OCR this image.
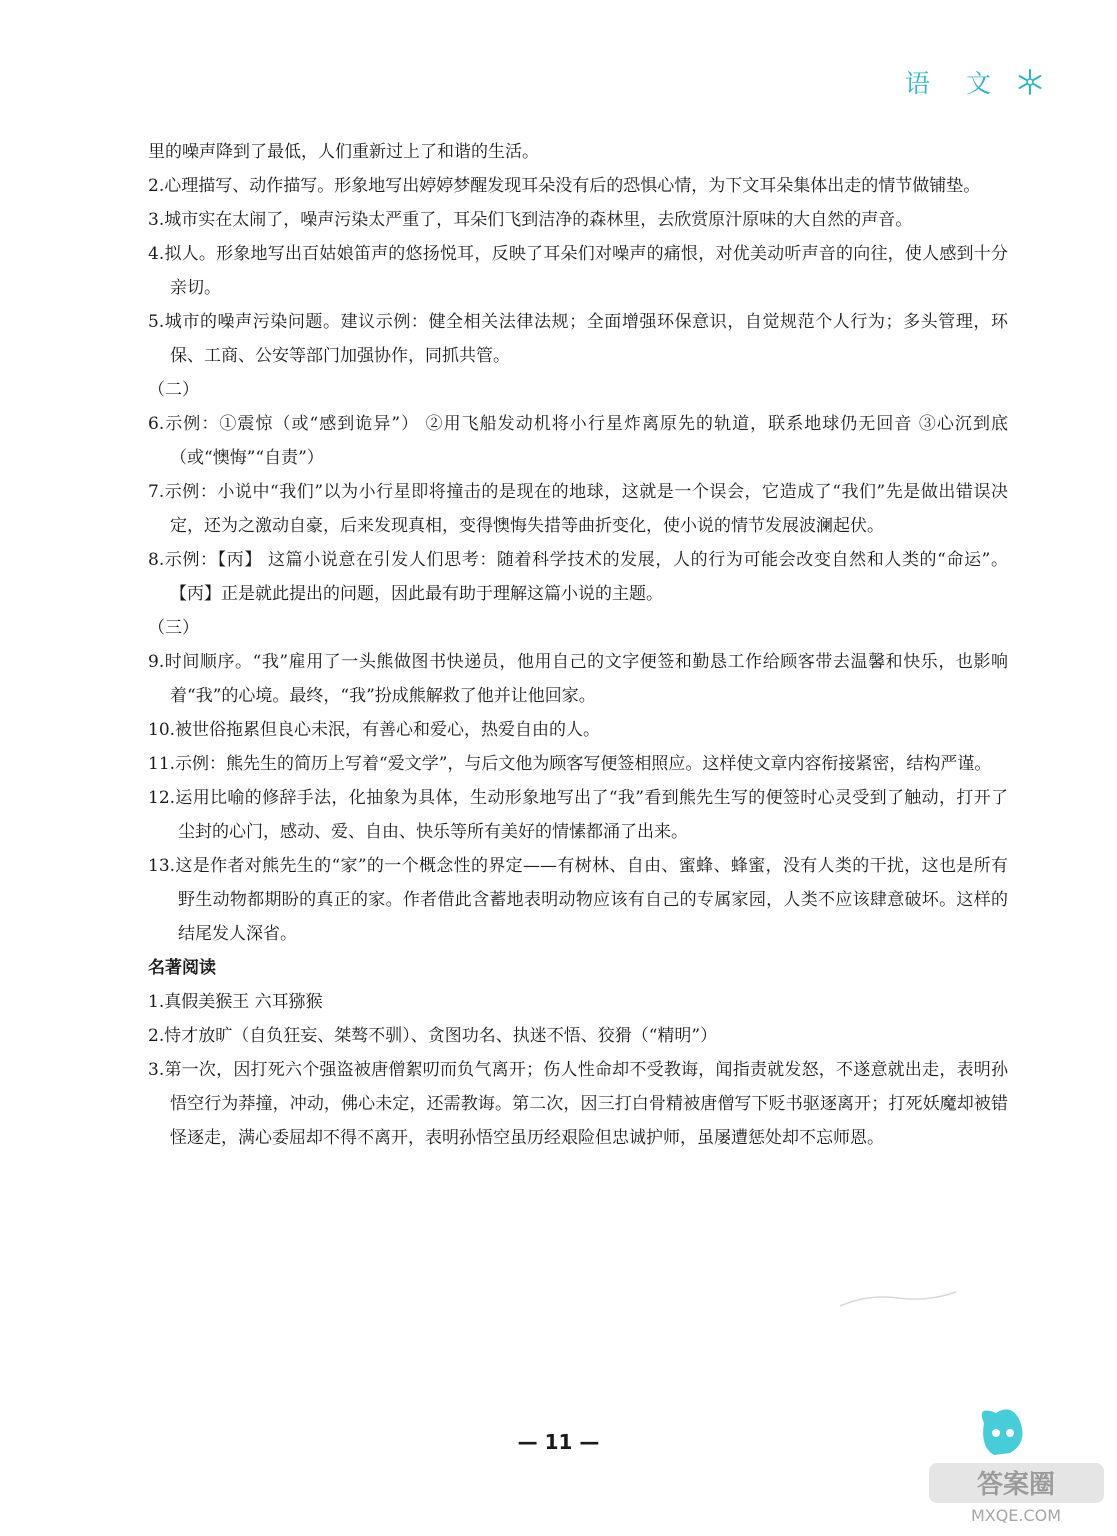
语 文

里的噪声降到了最低，人们重新过上了和谐的生活。

2.心理描写、动作描写。形象地写出婷婷梦醒发现耳朵没有后的恐惧心情，为下文耳朵集体出走的情节做铺垫。

3.城市实在太闹了，噪声污染太严重了，耳朵们飞到洁净的森林里，去欣赏原汁原味的大自然的声音。

4.拟人。形象地写出百姑娘笛声的悠扬悦耳，反映了耳朵们对噪声的痛恨，对优美动听声音的向往，使人感到十分亲切。

5.城市的噪声污染问题。建议示例：健全相关法律法规；全面增强环保意识，自觉规范个人行为；多头管理，环保、工商、公安等部门加强协作，同抓共管。

（二）

6.示例：①震惊（或“感到诡异”） ②用飞船发动机将小行星炸离原先的轨道，联系地球仍无回音 ③心沉到底（或“懊悔”“自责”）

7.示例：小说中“我们”以为小行星即将撞击的是现在的地球，这就是一个误会，它造成了“我们”先是做出错误决定，还为之激动自豪，后来发现真相，变得懊悔失措等曲折变化，使小说的情节发展波澜起伏。

8.示例：【丙】 这篇小说意在引发人们思考：随着科学技术的发展，人的行为可能会改变自然和人类的“命运”。【丙】正是就此提出的问题，因此最有助于理解这篇小说的主题。

（三）

9.时间顺序。“我”雇用了一头熊做图书快递员，他用自己的文字便签和勤恳工作给顾客带去温馨和快乐，也影响着“我”的心境。最终，“我”扮成熊解救了他并让他回家。

10.被世俗拖累但良心未泯，有善心和爱心，热爱自由的人。

11.示例：熊先生的简历上写着“爱文学”，与后文他为顾客写便签相照应。这样使文章内容衔接紧密，结构严谨。

12.运用比喻的修辞手法，化抽象为具体，生动形象地写出了“我”看到熊先生写的便签时心灵受到了触动，打开了尘封的心门，感动、爱、自由、快乐等所有美好的情愫都涌了出来。

13.这是作者对熊先生的“家”的一个概念性的界定——有树林、自由、蜜蜂、蜂蜜，没有人类的干扰，这也是所有野生动物都期盼的真正的家。作者借此含蓄地表明动物应该有自己的专属家园，人类不应该肆意破坏。这样的结尾发人深省。

名著阅读

1.真假美猴王 六耳猕猴

2.恃才放旷（自负狂妄、桀骜不驯）、贪图功名、执迷不悟、狡猾（“精明”）

3.第一次，因打死六个强盗被唐僧絮叨而负气离开；伤人性命却不受教诲，闻指责就发怒，不遂意就出走，表明孙悟空行为莽撞，冲动，佛心未定，还需教诲。第二次，因三打白骨精被唐僧写下贬书驱逐离开；打死妖魔却被错怪逐走，满心委屈却不得不离开，表明孙悟空虽历经艰险但忠诚护师，虽屡遭惩处却不忘师恩。

— 11 —
答案圈
MXQE.COM
